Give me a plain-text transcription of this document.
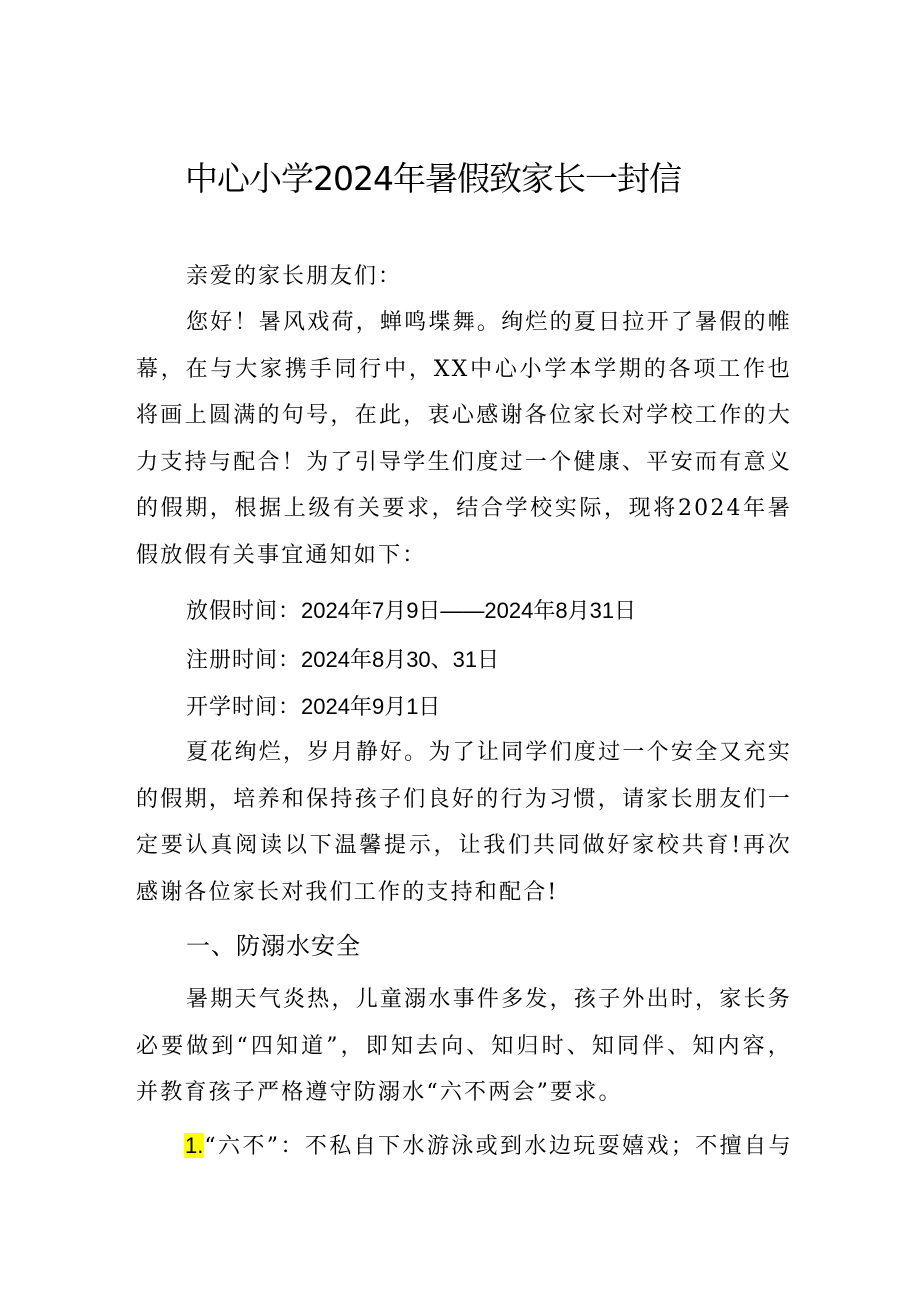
中心小学2024年暑假致家长一封信
亲爱的家长朋友们：
您好！暑风戏荷，蝉鸣堞舞。绚烂的夏日拉开了暑假的帷幕，在与大家携手同行中，XX中心小学本学期的各项工作也将画上圆满的句号，在此，衷心感谢各位家长对学校工作的大力支持与配合！为了引导学生们度过一个健康、平安而有意义的假期，根据上级有关要求，结合学校实际，现将2024年暑假放假有关事宜通知如下：
放假时间：2024年7月9日——2024年8月31日
注册时间：2024年8月30、31日
开学时间：2024年9月1日
夏花绚烂，岁月静好。为了让同学们度过一个安全又充实的假期，培养和保持孩子们良好的行为习惯，请家长朋友们一定要认真阅读以下温馨提示，让我们共同做好家校共育!再次感谢各位家长对我们工作的支持和配合!
一、防溺水安全
暑期天气炎热，儿童溺水事件多发，孩子外出时，家长务必要做到“四知道”，即知去向、知归时、知同伴、知内容，并教育孩子严格遵守防溺水“六不两会”要求。
1.“六不”：不私自下水游泳或到水边玩耍嬉戏；不擅自与
